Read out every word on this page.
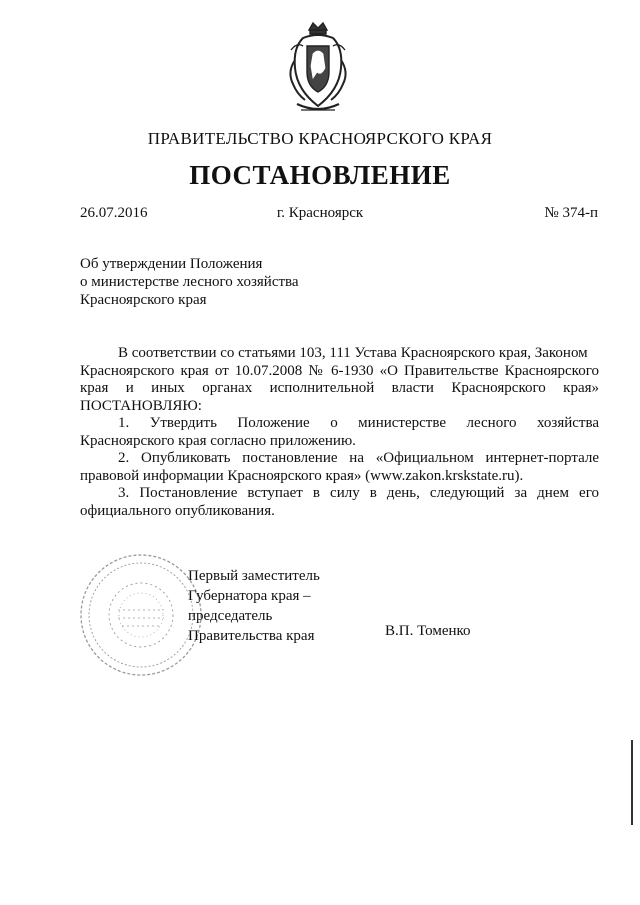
ПРАВИТЕЛЬСТВО КРАСНОЯРСКОГО КРАЯ
ПОСТАНОВЛЕНИЕ
26.07.2016	г. Красноярск	№ 374-п
Об утверждении Положения
о министерстве лесного хозяйства
Красноярского края
В соответствии со статьями 103, 111 Устава Красноярского края, Законом
Красноярского края от 10.07.2008 № 6-1930 «О Правительстве Красноярского
края и иных органах исполнительной власти Красноярского края»
ПОСТАНОВЛЯЮ:
1. Утвердить Положение о министерстве лесного хозяйства
Красноярского края согласно приложению.
2. Опубликовать постановление на «Официальном интернет-портале
правовой информации Красноярского края» (www.zakon.krskstate.ru).
3. Постановление вступает в силу в день, следующий за днем его
официального опубликования.
Первый заместитель
Губернатора края –
председатель
Правительства края	В.П. Томенко
